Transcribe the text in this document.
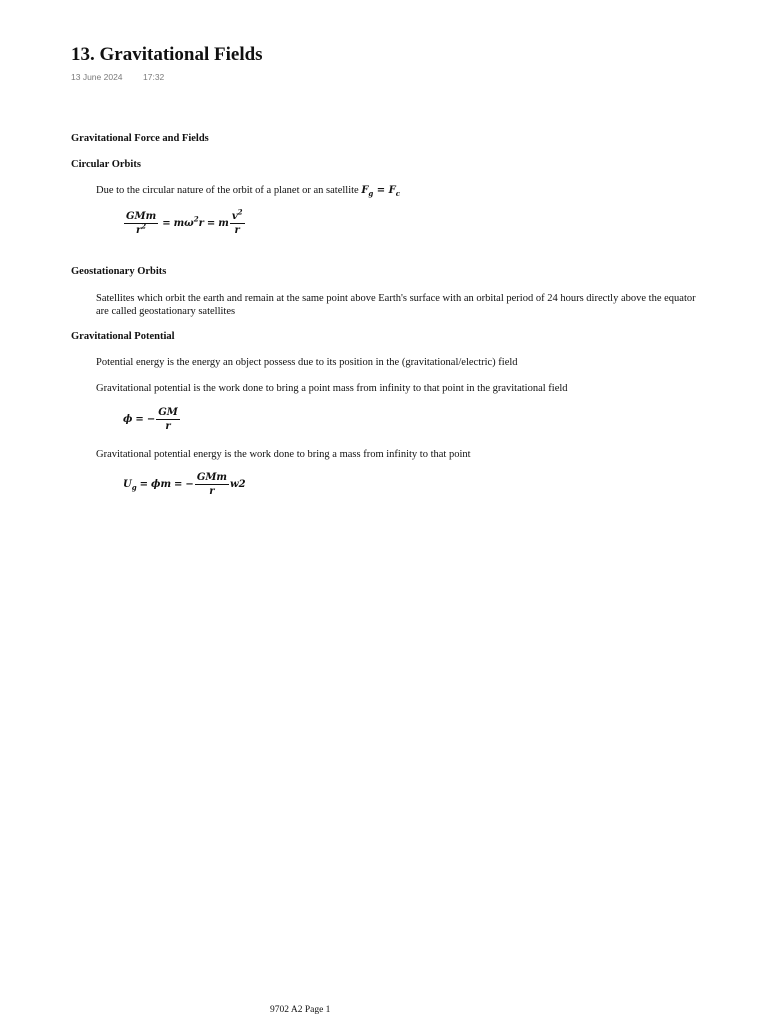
13. Gravitational Fields
13 June 2024 17:32
Gravitational Force and Fields
Circular Orbits
Due to the circular nature of the orbit of a planet or an satellite $F_g = F_c$
$\frac{\text{GMm}}{r^2} = m\omega^2r = m \frac{v^2}{r}$
Geostationary Orbits
Satellites which orbit the earth and remain at the same point above Earth's surface with an orbital period of 24 hours directly above the equator
are called geostationary satellites
Gravitational Potential
Potential energy is the energy an object possess due to its position in the (gravitational/electric) field
Gravitational potential is the work done to bring a point mass from infinity to that point in the gravitational field
ϕ = − $\frac{GM}{r}$
Gravitational potential energy is the work done to bring a mass from infinity to that point
$U_g = \phi m$ = − $\frac{\text{GMm}}{r} w2$
9702 A2 Page 1
